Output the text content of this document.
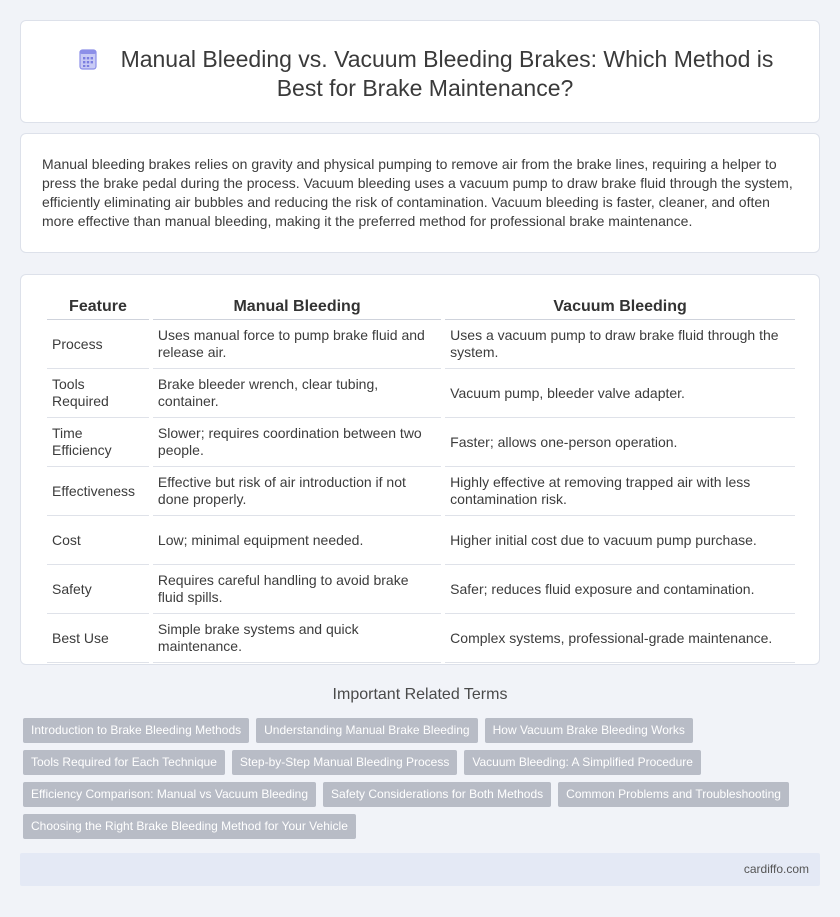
Manual Bleeding vs. Vacuum Bleeding Brakes: Which Method is Best for Brake Maintenance?

Manual bleeding brakes relies on gravity and physical pumping to remove air from the brake lines, requiring a helper to press the brake pedal during the process. Vacuum bleeding uses a vacuum pump to draw brake fluid through the system, efficiently eliminating air bubbles and reducing the risk of contamination. Vacuum bleeding is faster, cleaner, and often more effective than manual bleeding, making it the preferred method for professional brake maintenance.

Feature	Manual Bleeding	Vacuum Bleeding
Process	Uses manual force to pump brake fluid and release air.	Uses a vacuum pump to draw brake fluid through the system.
Tools Required	Brake bleeder wrench, clear tubing, container.	Vacuum pump, bleeder valve adapter.
Time Efficiency	Slower; requires coordination between two people.	Faster; allows one-person operation.
Effectiveness	Effective but risk of air introduction if not done properly.	Highly effective at removing trapped air with less contamination risk.
Cost	Low; minimal equipment needed.	Higher initial cost due to vacuum pump purchase.
Safety	Requires careful handling to avoid brake fluid spills.	Safer; reduces fluid exposure and contamination.
Best Use	Simple brake systems and quick maintenance.	Complex systems, professional-grade maintenance.
Important Related Terms
Introduction to Brake Bleeding Methods	Understanding Manual Brake Bleeding	How Vacuum Brake Bleeding Works
Tools Required for Each Technique	Step-by-Step Manual Bleeding Process	Vacuum Bleeding: A Simplified Procedure
Efficiency Comparison: Manual vs Vacuum Bleeding	Safety Considerations for Both Methods	Common Problems and Troubleshooting
Choosing the Right Brake Bleeding Method for Your Vehicle
cardiffo.com
